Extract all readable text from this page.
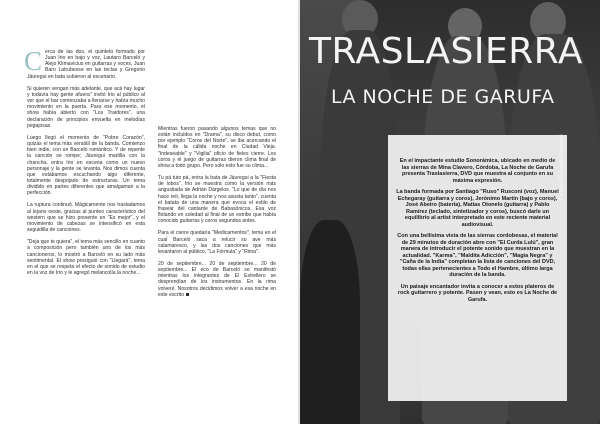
Cerca de las dos, el quinteto formado por Juan Irio en bajo y voz, Lautaro Barceló y Alejo Klimavicius en guitarras y voces, Juan Baro Latrubesse en las teclas y Gregorio Jáuregui en bata subieron al escenario.

Si quieren vengan más adelante, que acá hay lugar y todavía hay gente afuera" invitó Irio al público al ver que el bar comenzaba a llenarse y había mucho movimiento en la puerta. Para ese momento, el show había abierto con "Los Traidores", una declaración de principios envuelta en melodías pegajosas.

Luego llegó el momento de "Pobre Corazón", quizás el tema más versátil de la banda. Comienzo bien indie, con un Barceló romántico. Y de repente la canción se rompe; Jáuregui martilla con la chancha, entra Irio en escena como un nuevo personaje y la gente se levanta. Nos dimos cuenta que estábamos escuchando algo diferente, totalmente despojado de estructuras. Un tema dividido en partes diferentes que amalgaman a la perfección.

La ruptura continuó. Mágicamente nos trasladamos al lejano oeste, gracias al punteo característico del western que se hizo presente en "Es mejor", y el movimiento de cabezas se intensificó en esta seguidilla de canciones.

"Deja que te quiera", el tema más sencillo en cuanto a composición pero también uno de los más cancioneros, lo mostró a Barceló en su lado más sentimental. El show prosiguió con "Llegará", tema en el que se respeta el efecto de sonido de estudio en la voz de Irio y le agregó melancolía la noche...

Mientras fueron pasando algunos temas que no están incluidos en "Drama", su disco debut, como por ejemplo "Coros del Norte", se iba acercando el final de la cálida noche en Ciudad Vieja. "Indeseable" y "Vigilia" oficio de fieles cierre. Los coros y el juego de guitarras dieron clima final de show a todo grupo. Pero solo esto fue su clima...

Tu pá tuto pá, entra la bata de Jáuregui a la "Fiesta de lobos". Irio se muestra como la versión más angustiada de Adrián Dárgelos. "Lo que de día nos hace reír, llega la noche y nos asusta tanto", cuenta el batata de una manera que evoca el estilo de frasear del cantante de Babasónicos. Esa voz flotando en soledad al final de un estribo que había conocido guitarras y coros segundos antes.

Para el cierre quedaría "Medicamentos", tema en el cual Barceló saca a relucir su ave más calamaresco, y las dos canciones que más levantaron al público, "La Fórmula" y "Rima".

20 de septiembre... 20 de septiembre... 20 de septiembre... El eco de Barceló se manifestó mientras los integrantes de El Estrellero se desprendían de los instrumentos. En la rima volveré. Nosotros decidimos volver a esa noche en este escrito

TRASLASIERRA
LA NOCHE DE GARUFA

En el impactante estudio Sonorámica, ubicado en medio de las sierras de Mina Clavero, Córdoba, La Noche de Garufa presenta Traslasierra, DVD que muestra al conjunto en su máxima expresión.

La banda formada por Santiago "Ruso" Rusconi (voz), Manuel Echegaray (guitarra y coros), Jerónimo Martín (bajo y coros), José Abeiro (batería), Matías Otonelo (guitarra) y Pablo Ramírez (teclado, sintetizador y coros), buscó darle un equilibrio al artist interpretado en este reciente material audiovisual.

Con una bellísima vista de las sierras cordobesas, el material de 29 minutos de duración abre con "El Curda Lulú", gran manera de introducir el potente sonido que muestran en la actualidad. "Karma", "Maldita Adicción", "Magia Negra" y "Caña de la India" completan la lista de canciones del DVD, todas ellas pertenecientes a Todo el Hambre, último larga duración de la banda.

Un paisaje encantador invita a conocer a estos plateros de rock guitarrero y potente. Pasen y vean, esto es La Noche de Garufa.
